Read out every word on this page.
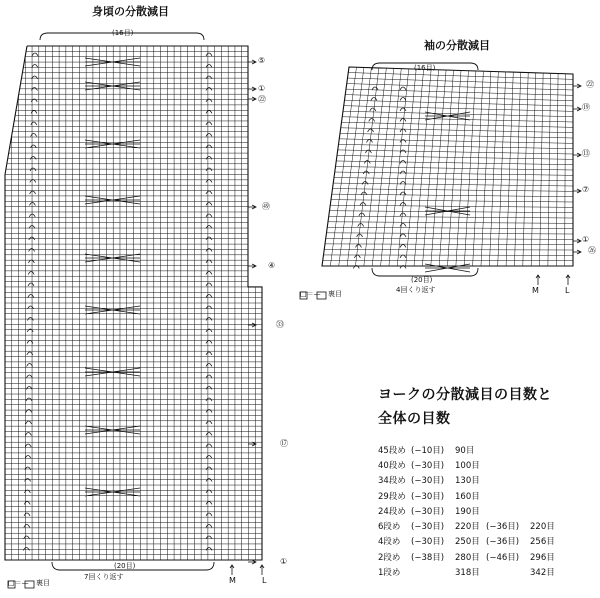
身頃の分散減目
(16目)
(20目)
7回くり返す
□＝— 裏目	M	L
⑤
①
㉒
㊾
④
㉝
⑰
①
袖の分散減目
(16目)
(20目)
4回くり返す
□＝— 裏目	M	L
㉒
⑲
⑬
⑦
①
㉖
ヨークの分散減目の目数と
全体の目数
45段め (−10目)	90目
40段め (−30目)	100目
34段め (−30目)	130目
29段め (−30目)	160目
24段め (−30目)	190目
6段め	(−30目)	220目 (−36目)	220目
4段め	(−30目)	250目 (−36目)	256目
2段め	(−38目)	280目 (−46目)	296目
1段め	318目	342目
